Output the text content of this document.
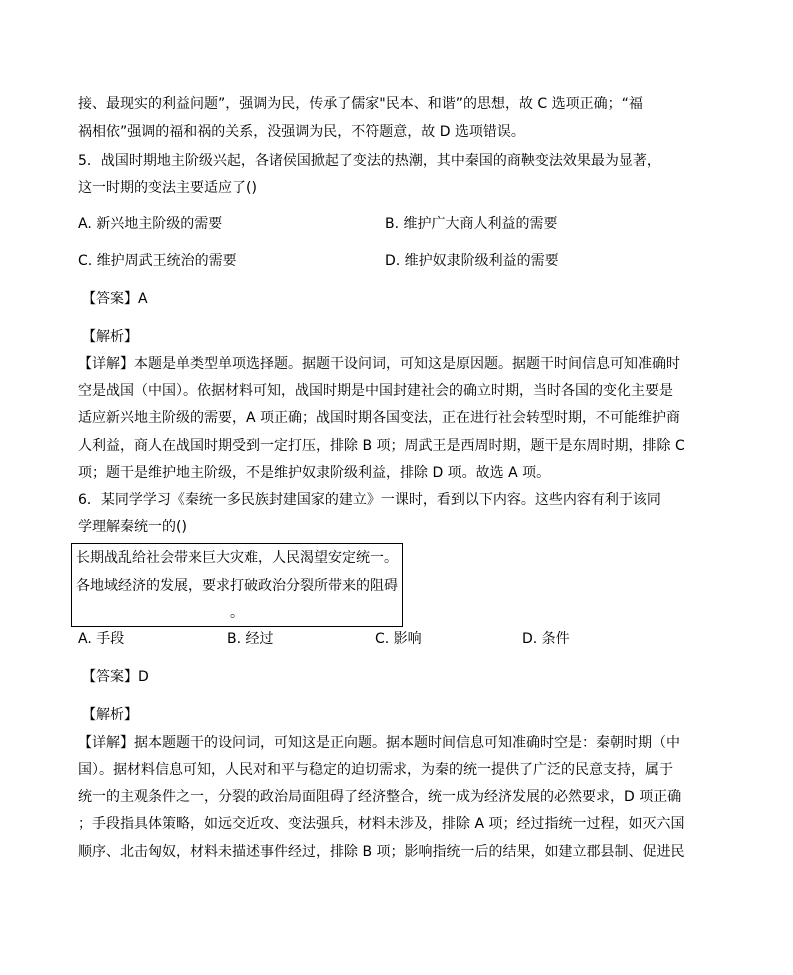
接、最现实的利益问题”，强调为民，传承了儒家"民本、和谐”的思想，故 C 选项正确；“福
祸相依”强调的福和祸的关系，没强调为民，不符题意，故 D 选项错误。
5．战国时期地主阶级兴起，各诸侯国掀起了变法的热潮，其中秦国的商鞅变法效果最为显著，
这一时期的变法主要适应了()
A. 新兴地主阶级的需要	B. 维护广大商人利益的需要
C. 维护周武王统治的需要	D. 维护奴隶阶级利益的需要
【答案】A
【解析】
【详解】本题是单类型单项选择题。据题干设问词，可知这是原因题。据题干时间信息可知准确时
空是战国（中国）。依据材料可知，战国时期是中国封建社会的确立时期，当时各国的变化主要是
适应新兴地主阶级的需要，A 项正确；战国时期各国变法，正在进行社会转型时期，不可能维护商
人利益，商人在战国时期受到一定打压，排除 B 项；周武王是西周时期，题干是东周时期，排除 C
项；题干是维护地主阶级，不是维护奴隶阶级利益，排除 D 项。故选 A 项。
6．某同学学习《秦统一多民族封建国家的建立》一课时，看到以下内容。这些内容有利于该同
学理解秦统一的()
长期战乱给社会带来巨大灾难，人民渴望安定统一。
各地域经济的发展，要求打破政治分裂所带来的阻碍
。
A. 手段	B. 经过	C. 影响	D. 条件
【答案】D
【解析】
【详解】据本题题干的设问词，可知这是正向题。据本题时间信息可知准确时空是：秦朝时期（中
国）。据材料信息可知，人民对和平与稳定的迫切需求，为秦的统一提供了广泛的民意支持，属于
统一的主观条件之一，分裂的政治局面阻碍了经济整合，统一成为经济发展的必然要求，D 项正确
；手段指具体策略，如远交近攻、变法强兵，材料未涉及，排除 A 项；经过指统一过程，如灭六国
顺序、北击匈奴，材料未描述事件经过，排除 B 项；影响指统一后的结果，如建立郡县制、促进民
